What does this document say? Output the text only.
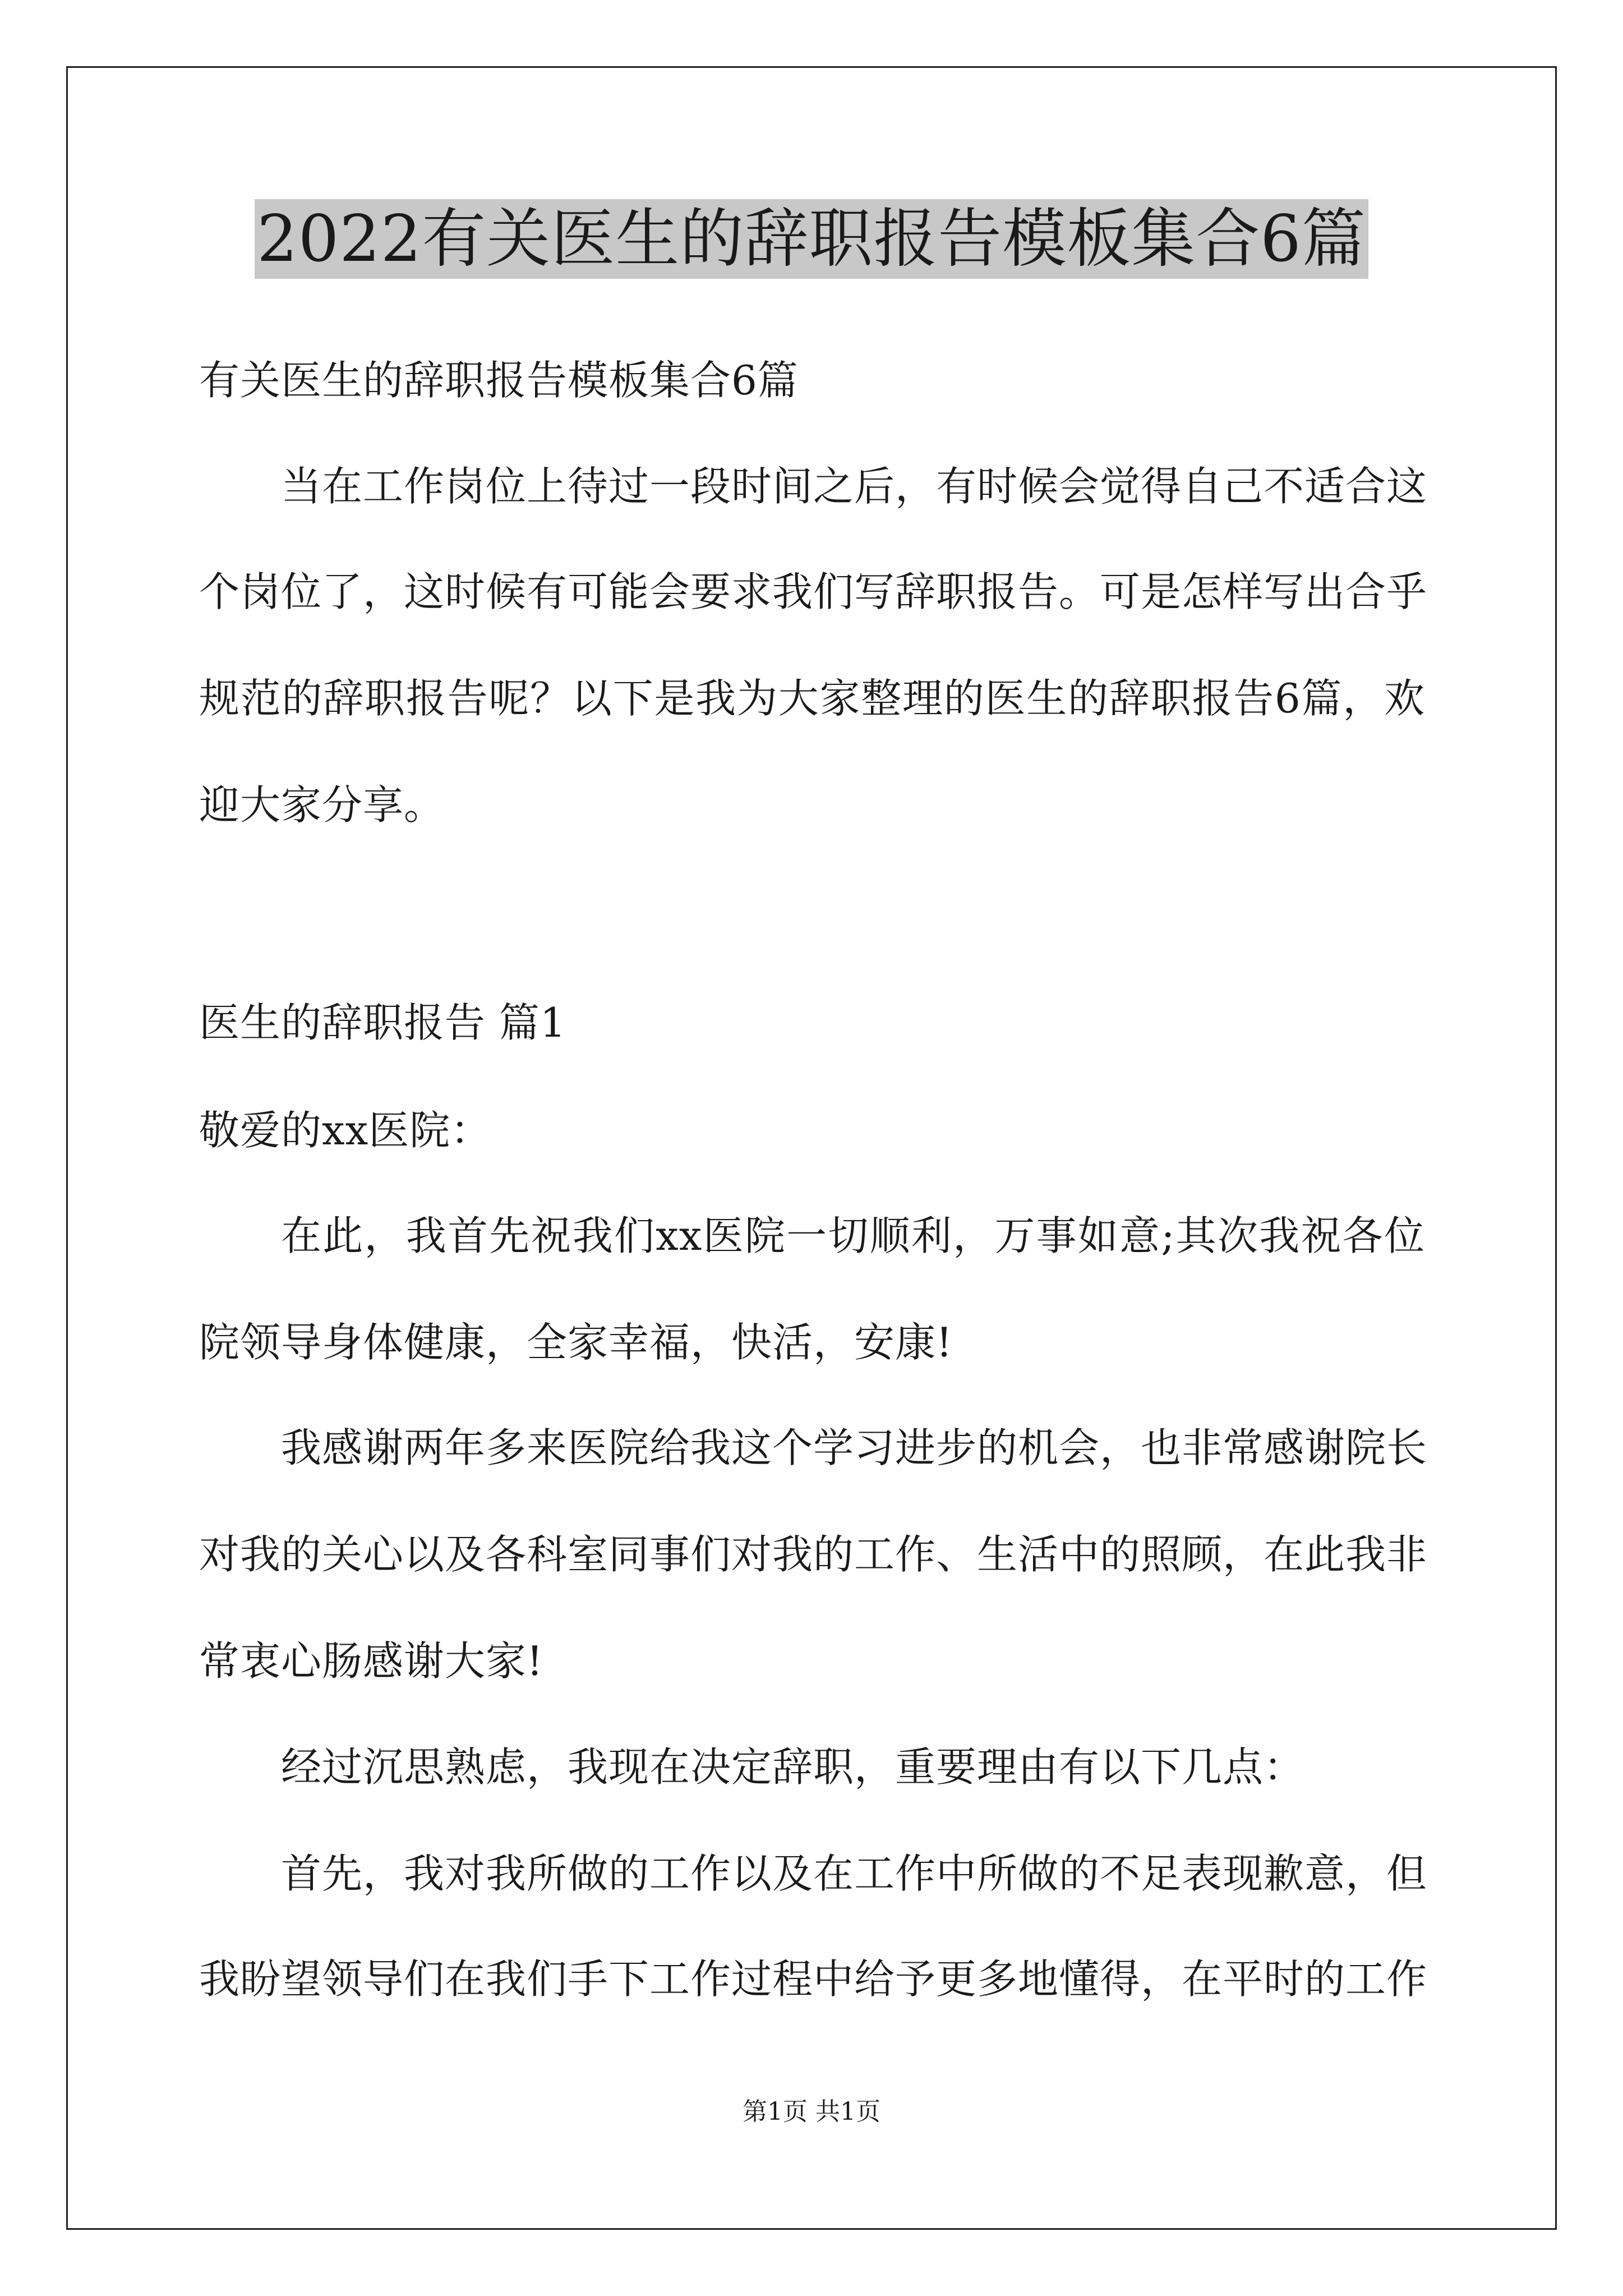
2022有关医生的辞职报告模板集合6篇
有关医生的辞职报告模板集合6篇
当在工作岗位上待过一段时间之后，有时候会觉得自己不适合这
个岗位了，这时候有可能会要求我们写辞职报告。可是怎样写出合乎
规范的辞职报告呢？以下是我为大家整理的医生的辞职报告6篇，欢
迎大家分享。
医生的辞职报告 篇1
敬爱的xx医院：
在此，我首先祝我们xx医院一切顺利，万事如意;其次我祝各位
院领导身体健康，全家幸福，快活，安康!
我感谢两年多来医院给我这个学习进步的机会，也非常感谢院长
对我的关心以及各科室同事们对我的工作、生活中的照顾，在此我非
常衷心肠感谢大家!
经过沉思熟虑，我现在决定辞职，重要理由有以下几点：
首先，我对我所做的工作以及在工作中所做的不足表现歉意，但
我盼望领导们在我们手下工作过程中给予更多地懂得，在平时的工作
第1页 共1页
